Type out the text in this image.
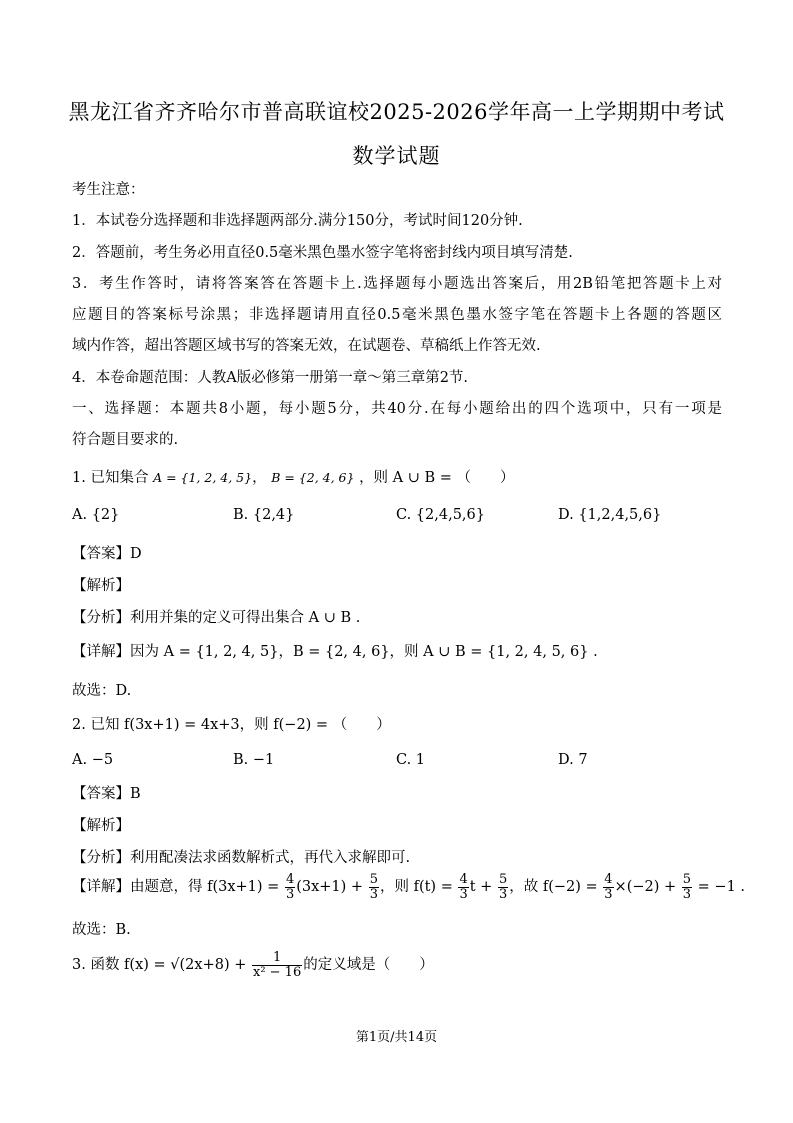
黑龙江省齐齐哈尔市普高联谊校2025-2026学年高一上学期期中考试
数学试题
考生注意：
1．本试卷分选择题和非选择题两部分.满分150分，考试时间120分钟.
2．答题前，考生务必用直径0.5毫米黑色墨水签字笔将密封线内项目填写清楚.
3．考生作答时，请将答案答在答题卡上.选择题每小题选出答案后，用2B铅笔把答题卡上对
应题目的答案标号涂黑；非选择题请用直径0.5毫米黑色墨水签字笔在答题卡上各题的答题区
域内作答，超出答题区域书写的答案无效，在试题卷、草稿纸上作答无效.
4．本卷命题范围：人教A版必修第一册第一章～第三章第2节.
一、选择题：本题共8小题，每小题5分，共40分.在每小题给出的四个选项中，只有一项是
符合题目要求的.
1. 已知集合 A = {1, 2, 4, 5}， B = {2, 4, 6} ，则 A ∪ B = （　　）
A. {2}	B. {2,4}	C. {2,4,5,6}	D. {1,2,4,5,6}
【答案】D
【解析】
【分析】利用并集的定义可得出集合 A ∪ B .
【详解】因为 A = {1, 2, 4, 5}，B = {2, 4, 6}，则 A ∪ B = {1, 2, 4, 5, 6} .
故选：D.
2. 已知 f(3x+1) = 4x+3，则 f(−2) = （　　）
A. −5	B. −1	C. 1	D. 7
【答案】B
【解析】
【分析】利用配凑法求函数解析式，再代入求解即可.
【详解】由题意，得 $f(3x+1) = \frac{4}{3} (3x+1) + \frac{5}{3}$ ，则 $f(t) = \frac{4}{3}$ $t + \frac{5}{3}$ ，故 $f(-2) = \frac{4}{3} \times(-2) + \frac{5}{3} = -1$ .
故选：B.
3. 函数 $f(x) = √(2x+8) + \frac{1}{\text{x² − 16}}$ 的定义域是（　　）
第1页/共14页
